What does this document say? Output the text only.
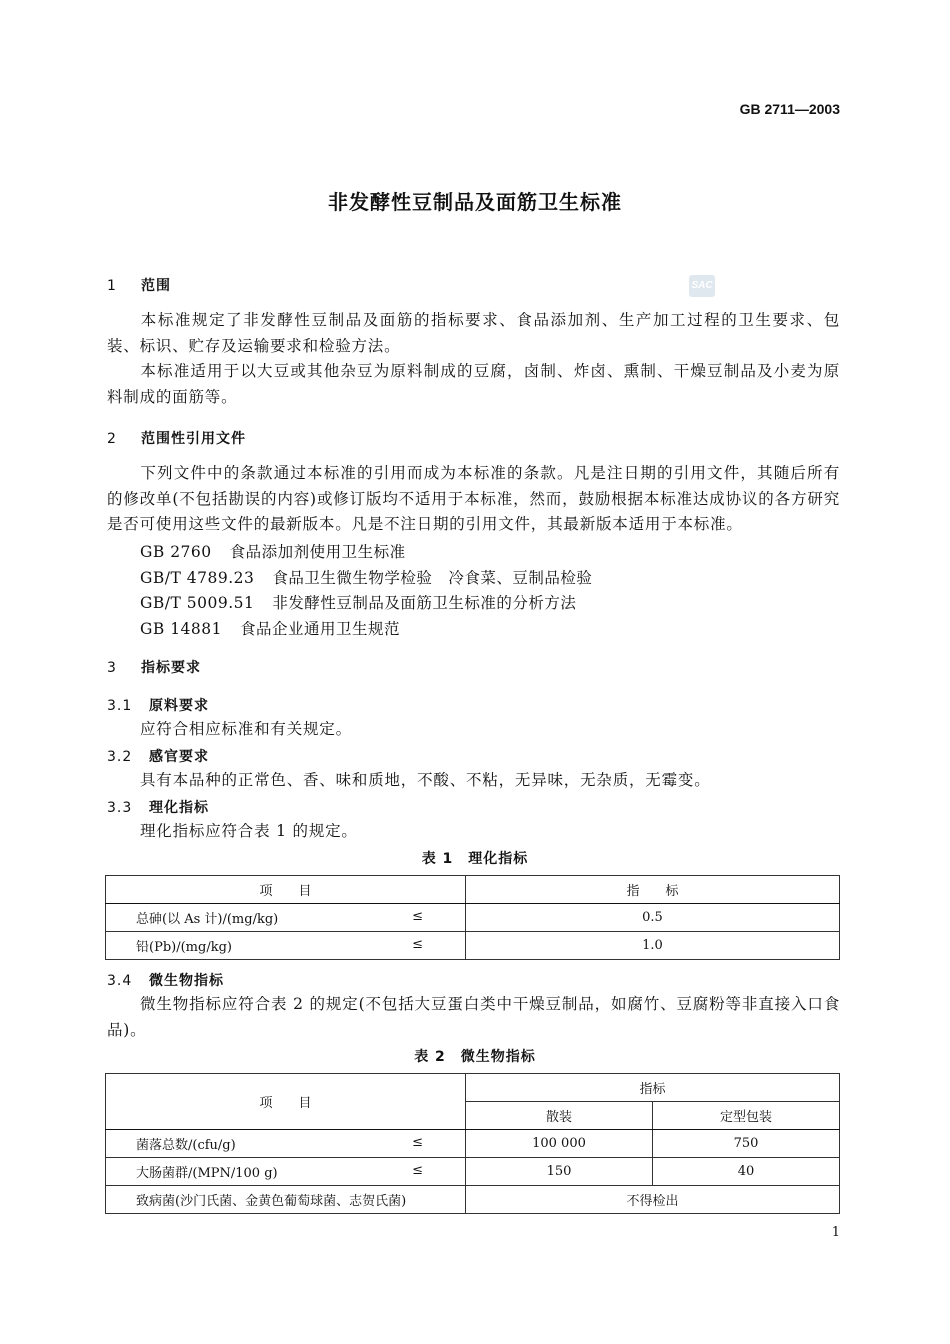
GB 2711—2003
非发酵性豆制品及面筋卫生标准
SAC
1 范围
本标准规定了非发酵性豆制品及面筋的指标要求、食品添加剂、生产加工过程的卫生要求、包装、标识、贮存及运输要求和检验方法。
本标准适用于以大豆或其他杂豆为原料制成的豆腐，卤制、炸卤、熏制、干燥豆制品及小麦为原料制成的面筋等。
2 范围性引用文件
下列文件中的条款通过本标准的引用而成为本标准的条款。凡是注日期的引用文件，其随后所有的修改单(不包括勘误的内容)或修订版均不适用于本标准，然而，鼓励根据本标准达成协议的各方研究是否可使用这些文件的最新版本。凡是不注日期的引用文件，其最新版本适用于本标准。
GB 2760 食品添加剂使用卫生标准
GB/T 4789.23 食品卫生微生物学检验　冷食菜、豆制品检验
GB/T 5009.51 非发酵性豆制品及面筋卫生标准的分析方法
GB 14881 食品企业通用卫生规范
3 指标要求
3.1 原料要求
应符合相应标准和有关规定。
3.2 感官要求
具有本品种的正常色、香、味和质地，不酸、不粘，无异味，无杂质，无霉变。
3.3 理化指标
理化指标应符合表 1 的规定。
表 1　理化指标
项　　目	指　　标
总砷(以 As 计)/(mg/kg) ≤	0.5
铅(Pb)/(mg/kg) ≤	1.0
3.4 微生物指标
微生物指标应符合表 2 的规定(不包括大豆蛋白类中干燥豆制品，如腐竹、豆腐粉等非直接入口食品)。
表 2　微生物指标
项　　目	指标	
	散装	定型包装
菌落总数/(cfu/g) ≤	100 000	750
大肠菌群/(MPN/100 g) ≤	150	40
致病菌(沙门氏菌、金黄色葡萄球菌、志贺氏菌)	不得检出	
1
